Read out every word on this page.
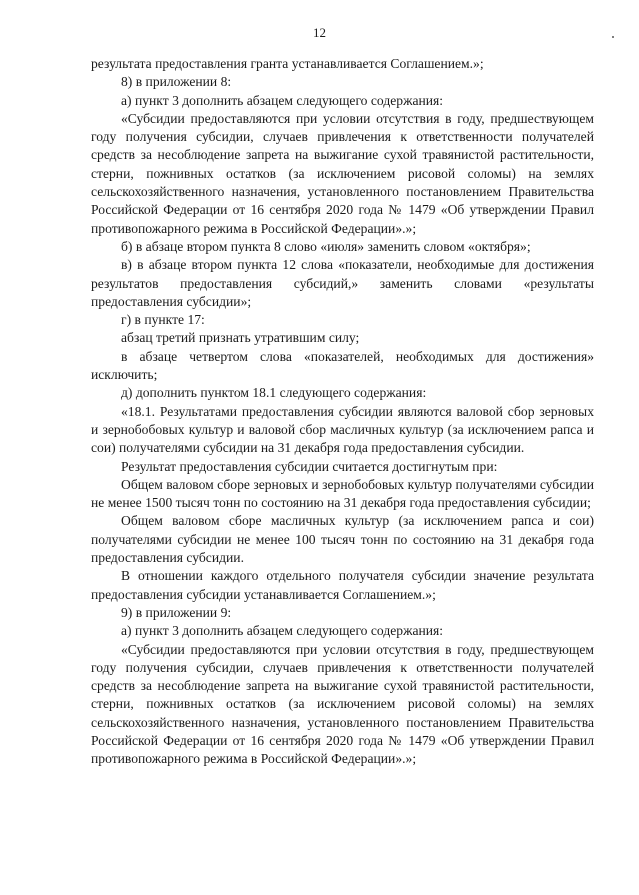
12

результата предоставления гранта устанавливается Соглашением.»;

8) в приложении 8:

а) пункт 3 дополнить абзацем следующего содержания:

«Субсидии предоставляются при условии отсутствия в году, предшествующем году получения субсидии, случаев привлечения к ответственности получателей средств за несоблюдение запрета на выжигание сухой травянистой растительности, стерни, пожнивных остатков (за исключением рисовой соломы) на землях сельскохозяйственного назначения, установленного постановлением Правительства Российской Федерации от 16 сентября 2020 года № 1479 «Об утверждении Правил противопожарного режима в Российской Федерации».»;

б) в абзаце втором пункта 8 слово «июля» заменить словом «октября»;

в) в абзаце втором пункта 12 слова «показатели, необходимые для достижения результатов предоставления субсидий,» заменить словами «результаты предоставления субсидии»;

г) в пункте 17:

абзац третий признать утратившим силу;

в абзаце четвертом слова «показателей, необходимых для достижения» исключить;

д) дополнить пунктом 18.1 следующего содержания:

«18.1. Результатами предоставления субсидии являются валовой сбор зерновых и зернобобовых культур и валовой сбор масличных культур (за исключением рапса и сои) получателями субсидии на 31 декабря года предоставления субсидии.

Результат предоставления субсидии считается достигнутым при:

Общем валовом сборе зерновых и зернобобовых культур получателями субсидии не менее 1500 тысяч тонн по состоянию на 31 декабря года предоставления субсидии;

Общем валовом сборе масличных культур (за исключением рапса и сои) получателями субсидии не менее 100 тысяч тонн по состоянию на 31 декабря года предоставления субсидии.

В отношении каждого отдельного получателя субсидии значение результата предоставления субсидии устанавливается Соглашением.»;

9) в приложении 9:

а) пункт 3 дополнить абзацем следующего содержания:

«Субсидии предоставляются при условии отсутствия в году, предшествующем году получения субсидии, случаев привлечения к ответственности получателей средств за несоблюдение запрета на выжигание сухой травянистой растительности, стерни, пожнивных остатков (за исключением рисовой соломы) на землях сельскохозяйственного назначения, установленного постановлением Правительства Российской Федерации от 16 сентября 2020 года № 1479 «Об утверждении Правил противопожарного режима в Российской Федерации».»;
